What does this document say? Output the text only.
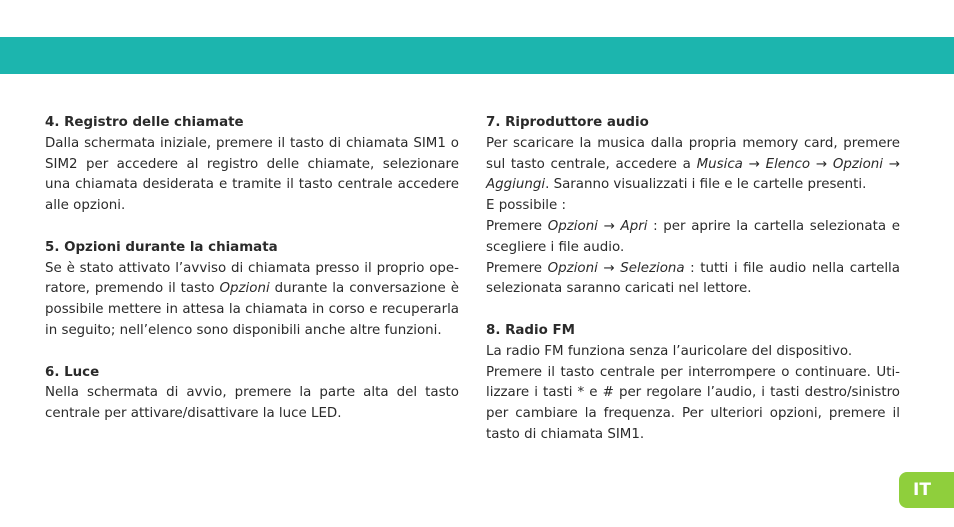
4. Registro delle chiamate

Dalla schermata iniziale, premere il tasto di chiamata SIM1 o SIM2 per accedere al registro delle chiamate, selezionare una chiamata desiderata e tramite il tasto centrale accedere alle opzioni.

5. Opzioni durante la chiamata

Se è stato attivato l’avviso di chiamata presso il proprio ope-ratore, premendo il tasto Opzioni durante la conversazione è possibile mettere in attesa la chiamata in corso e recuperarla in seguito; nell’elenco sono disponibili anche altre funzioni.

6. Luce

Nella schermata di avvio, premere la parte alta del tasto centrale per attivare/disattivare la luce LED.

7. Riproduttore audio

Per scaricare la musica dalla propria memory card, premere sul tasto centrale, accedere a Musica → Elenco → Opzioni → Aggiungi. Saranno visualizzati i file e le cartelle presenti.

E possibile :

Premere Opzioni → Apri : per aprire la cartella selezionata e scegliere i file audio.

Premere Opzioni → Seleziona : tutti i file audio nella cartella selezionata saranno caricati nel lettore.

8. Radio FM

La radio FM funziona senza l’auricolare del dispositivo.

Premere il tasto centrale per interrompere o continuare. Uti-lizzare i tasti * e # per regolare l’audio, i tasti destro/sinistro per cambiare la frequenza. Per ulteriori opzioni, premere il tasto di chiamata SIM1.

IT
